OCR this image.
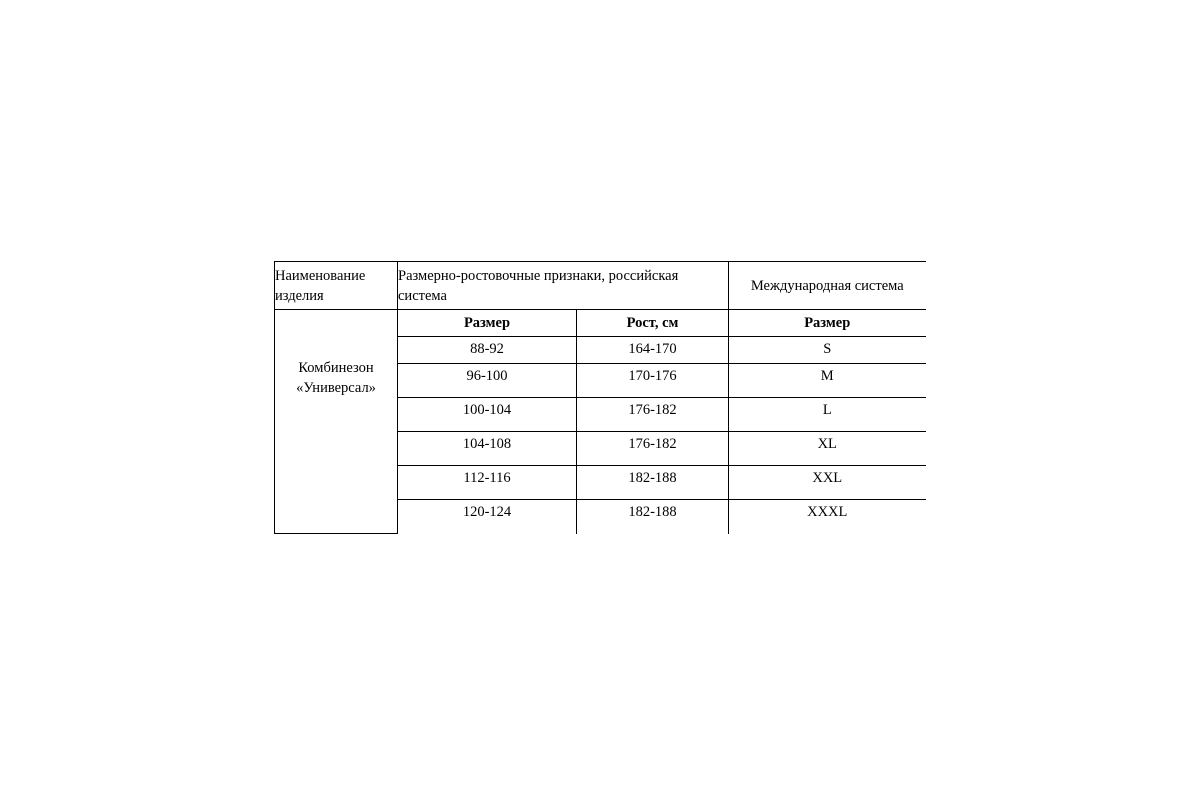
Наименование изделия	Размерно-ростовочные признаки, российская система		Международная система
Комбинезон «Универсал»	Размер	Рост, см	Размер
	88-92	164-170	S
	96-100	170-176	M
	100-104	176-182	L
	104-108	176-182	XL
	112-116	182-188	XXL
	120-124	182-188	XXXL
